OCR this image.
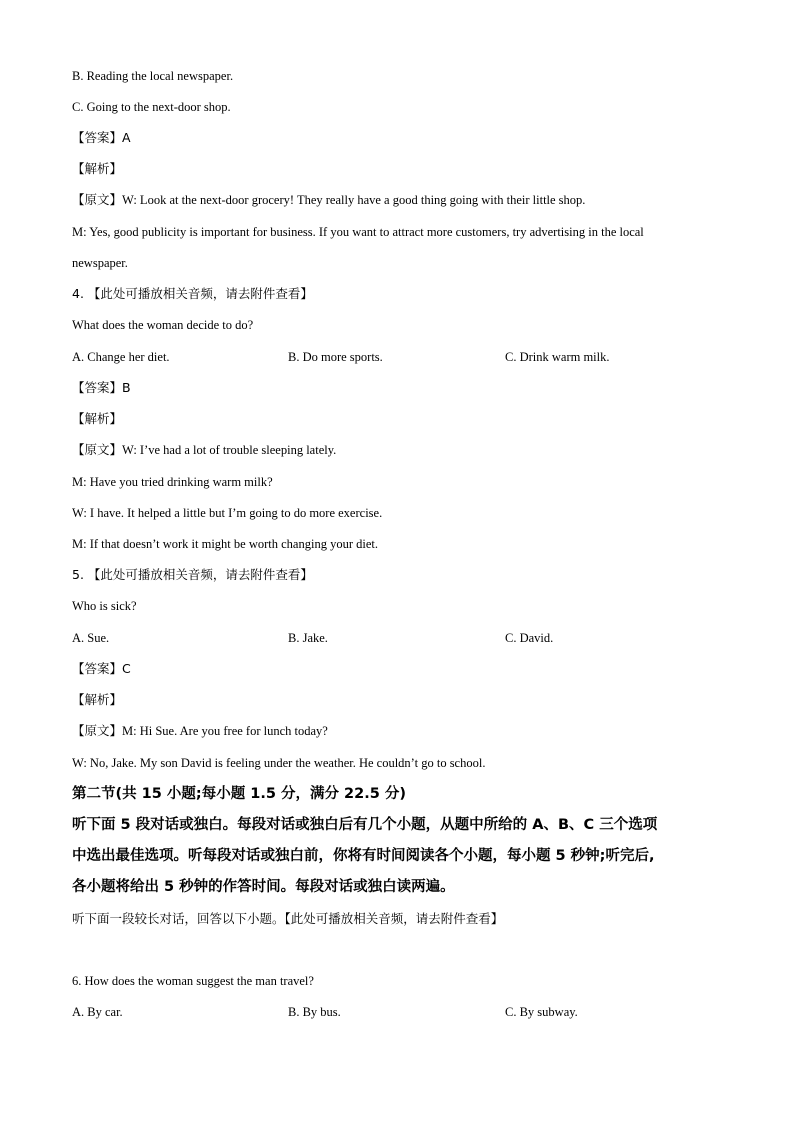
B. Reading the local newspaper.
C. Going to the next-door shop.
【答案】A
【解析】
【原文】W: Look at the next-door grocery! They really have a good thing going with their little shop.
M: Yes, good publicity is important for business. If you want to attract more customers, try advertising in the local
newspaper.
4. 【此处可播放相关音频，请去附件查看】
What does the woman decide to do?
A. Change her diet.	B. Do more sports.	C. Drink warm milk.
【答案】B
【解析】
【原文】W: I’ve had a lot of trouble sleeping lately.
M: Have you tried drinking warm milk?
W: I have. It helped a little but I’m going to do more exercise.
M: If that doesn’t work it might be worth changing your diet.
5. 【此处可播放相关音频，请去附件查看】
Who is sick?
A. Sue.	B. Jake.	C. David.
【答案】C
【解析】
【原文】M: Hi Sue. Are you free for lunch today?
W: No, Jake. My son David is feeling under the weather. He couldn’t go to school.
第二节(共 15 小题;每小题 1.5 分，满分 22.5 分)
听下面 5 段对话或独白。每段对话或独白后有几个小题，从题中所给的 A、B、C 三个选项
中选出最佳选项。听每段对话或独白前，你将有时间阅读各个小题，每小题 5 秒钟;听完后,
各小题将给出 5 秒钟的作答时间。每段对话或独白读两遍。
听下面一段较长对话，回答以下小题。【此处可播放相关音频，请去附件查看】
6. How does the woman suggest the man travel?
A. By car.	B. By bus.	C. By subway.
